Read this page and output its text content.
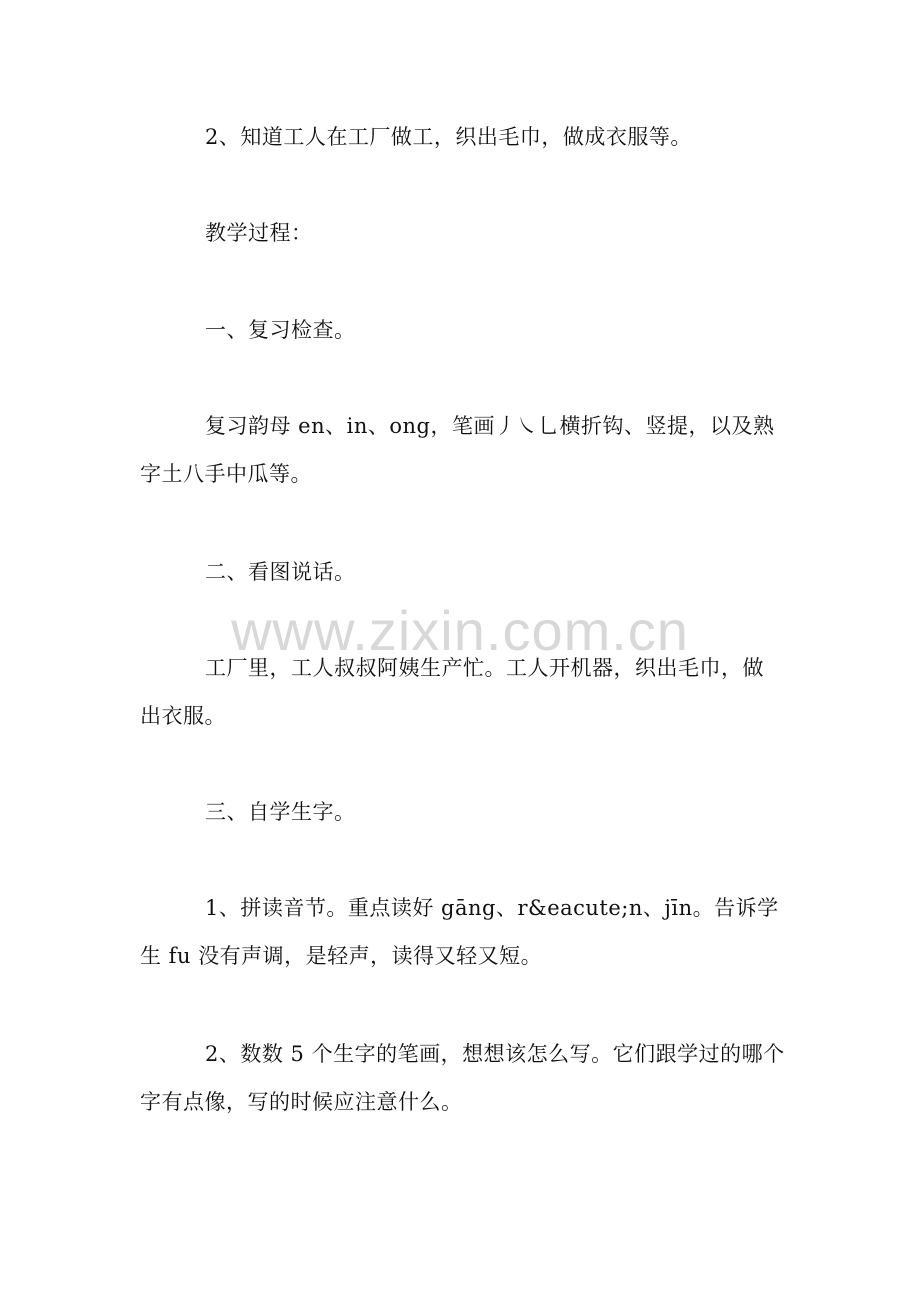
2、知道工人在工厂做工，织出毛巾，做成衣服等。

教学过程：

一、复习检查。

复习韵母 en、in、ong，笔画丿㇏乚横折钩、竖提，以及熟字土八手中瓜等。

二、看图说话。

工厂里，工人叔叔阿姨生产忙。工人开机器，织出毛巾，做出衣服。

三、自学生字。

1、拼读音节。重点读好 gāng、r&eacute;n、jīn。告诉学生 fu 没有声调，是轻声，读得又轻又短。

2、数数 5 个生字的笔画，想想该怎么写。它们跟学过的哪个字有点像，写的时候应注意什么。

www.zixin.com.cn
